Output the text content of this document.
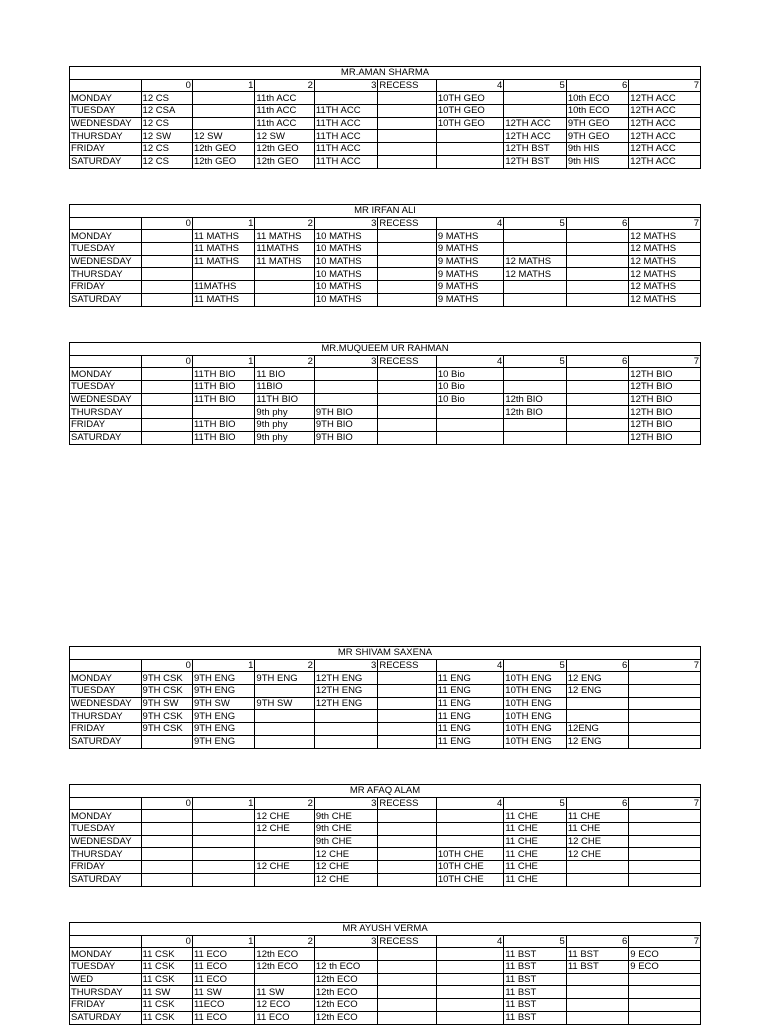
MR.AMAN SHARMA									
	0	1	2	3	RECESS	4	5	6	7
MONDAY	12 CS		11th ACC			10TH GEO		10th ECO	12TH ACC
TUESDAY	12 CSA		11th ACC	11TH ACC		10TH GEO		10th ECO	12TH ACC
WEDNESDAY	12 CS		11th ACC	11TH ACC		10TH GEO	12TH ACC	9TH GEO	12TH ACC
THURSDAY	12 SW	12 SW	12 SW	11TH ACC			12TH ACC	9TH GEO	12TH ACC
FRIDAY	12 CS	12th GEO	12th GEO	11TH ACC			12TH BST	9th HIS	12TH ACC
SATURDAY	12 CS	12th GEO	12th GEO	11TH ACC			12TH BST	9th HIS	12TH ACC
MR IRFAN ALI									
	0	1	2	3	RECESS	4	5	6	7
MONDAY		11 MATHS	11 MATHS	10 MATHS		9 MATHS			12 MATHS
TUESDAY		11 MATHS	11MATHS	10 MATHS		9 MATHS			12 MATHS
WEDNESDAY		11 MATHS	11 MATHS	10 MATHS		9 MATHS	12 MATHS		12 MATHS
THURSDAY				10 MATHS		9 MATHS	12 MATHS		12 MATHS
FRIDAY		11MATHS		10 MATHS		9 MATHS			12 MATHS
SATURDAY		11 MATHS		10 MATHS		9 MATHS			12 MATHS
MR.MUQUEEM UR RAHMAN									
	0	1	2	3	RECESS	4	5	6	7
MONDAY		11TH BIO	11 BIO			10 Bio			12TH BIO
TUESDAY		11TH BIO	11BIO			10 Bio			12TH BIO
WEDNESDAY		11TH BIO	11TH BIO			10 Bio	12th BIO		12TH BIO
THURSDAY			9th phy	9TH BIO			12th BIO		12TH BIO
FRIDAY		11TH BIO	9th phy	9TH BIO					12TH BIO
SATURDAY		11TH BIO	9th phy	9TH BIO					12TH BIO
MR SHIVAM SAXENA									
	0	1	2	3	RECESS	4	5	6	7
MONDAY	9TH CSK	9TH ENG	9TH ENG	12TH ENG		11 ENG	10TH ENG	12 ENG	
TUESDAY	9TH CSK	9TH ENG		12TH ENG		11 ENG	10TH ENG	12 ENG	
WEDNESDAY	9TH SW	9TH SW	9TH SW	12TH ENG		11 ENG	10TH ENG		
THURSDAY	9TH CSK	9TH ENG				11 ENG	10TH ENG		
FRIDAY	9TH CSK	9TH ENG				11 ENG	10TH ENG	12ENG	
SATURDAY		9TH ENG				11 ENG	10TH ENG	12 ENG	
MR AFAQ ALAM									
	0	1	2	3	RECESS	4	5	6	7
MONDAY			12 CHE	9th CHE			11 CHE	11 CHE	
TUESDAY			12 CHE	9th CHE			11 CHE	11 CHE	
WEDNESDAY				9th CHE			11 CHE	12 CHE	
THURSDAY				12 CHE		10TH CHE	11 CHE	12 CHE	
FRIDAY			12 CHE	12 CHE		10TH CHE	11 CHE		
SATURDAY				12 CHE		10TH CHE	11 CHE		
MR AYUSH VERMA									
	0	1	2	3	RECESS	4	5	6	7
MONDAY	11 CSK	11 ECO	12th ECO				11 BST	11 BST	9 ECO
TUESDAY	11 CSK	11 ECO	12th ECO	12 th ECO			11 BST	11 BST	9 ECO
WED	11 CSK	11 ECO		12th ECO			11 BST		
THURSDAY	11 SW	11 SW	11 SW	12th ECO			11 BST		
FRIDAY	11 CSK	11ECO	12 ECO	12th ECO			11 BST		
SATURDAY	11 CSK	11 ECO	11 ECO	12th ECO			11 BST		
